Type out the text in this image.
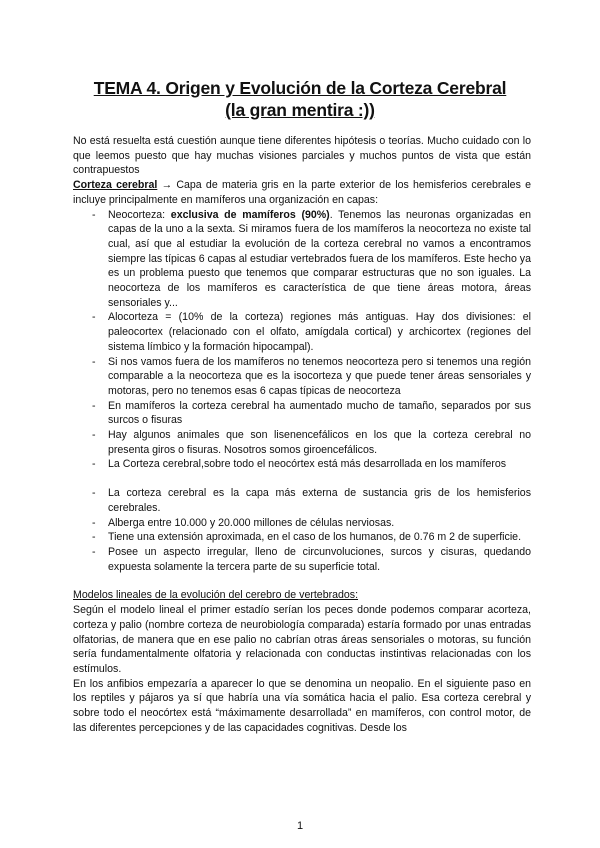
TEMA 4. Origen y Evolución de la Corteza Cerebral
(la gran mentira :))

No está resuelta está cuestión aunque tiene diferentes hipótesis o teorías. Mucho cuidado con lo que leemos puesto que hay muchas visiones parciales y muchos puntos de vista que están contrapuestos

Corteza cerebral → Capa de materia gris en la parte exterior de los hemisferios cerebrales e incluye principalmente en mamíferos una organización en capas:

- Neocorteza: exclusiva de mamíferos (90%). Tenemos las neuronas organizadas en capas de la uno a la sexta. Si miramos fuera de los mamíferos la neocorteza no existe tal cual, así que al estudiar la evolución de la corteza cerebral no vamos a encontramos siempre las típicas 6 capas al estudiar vertebrados fuera de los mamíferos. Este hecho ya es un problema puesto que tenemos que comparar estructuras que no son iguales. La neocorteza de los mamíferos es característica de que tiene áreas motora, áreas sensoriales y...
- Alocorteza = (10% de la corteza) regiones más antiguas. Hay dos divisiones: el paleocortex (relacionado con el olfato, amígdala cortical) y archicortex (regiones del sistema límbico y la formación hipocampal).
- Si nos vamos fuera de los mamíferos no tenemos neocorteza pero si tenemos una región comparable a la neocorteza que es la isocorteza y que puede tener áreas sensoriales y motoras, pero no tenemos esas 6 capas típicas de neocorteza
- En mamíferos la corteza cerebral ha aumentado mucho de tamaño, separados por sus surcos o fisuras
- Hay algunos animales que son lisenencefálicos en los que la corteza cerebral no presenta giros o fisuras. Nosotros somos giroencefálicos.
- La Corteza cerebral,sobre todo el neocórtex está más desarrollada en los mamíferos
- La corteza cerebral es la capa más externa de sustancia gris de los hemisferios cerebrales.
- Alberga entre 10.000 y 20.000 millones de células nerviosas.
- Tiene una extensión aproximada, en el caso de los humanos, de 0.76 m 2 de superficie.
- Posee un aspecto irregular, lleno de circunvoluciones, surcos y cisuras, quedando expuesta solamente la tercera parte de su superficie total.

Modelos lineales de la evolución del cerebro de vertebrados:

Según el modelo lineal el primer estadío serían los peces donde podemos comparar acorteza, corteza y palio (nombre corteza de neurobiología comparada) estaría formado por unas entradas olfatorias, de manera que en ese palio no cabrían otras áreas sensoriales o motoras, su función sería fundamentalmente olfatoria y relacionada con conductas instintivas relacionadas con los estímulos.

En los anfibios empezaría a aparecer lo que se denomina un neopalio. En el siguiente paso en los reptiles y pájaros ya sí que habría una vía somática hacia el palio. Esa corteza cerebral y sobre todo el neocórtex está “máximamente desarrollada” en mamíferos, con control motor, de las diferentes percepciones y de las capacidades cognitivas. Desde los

1
